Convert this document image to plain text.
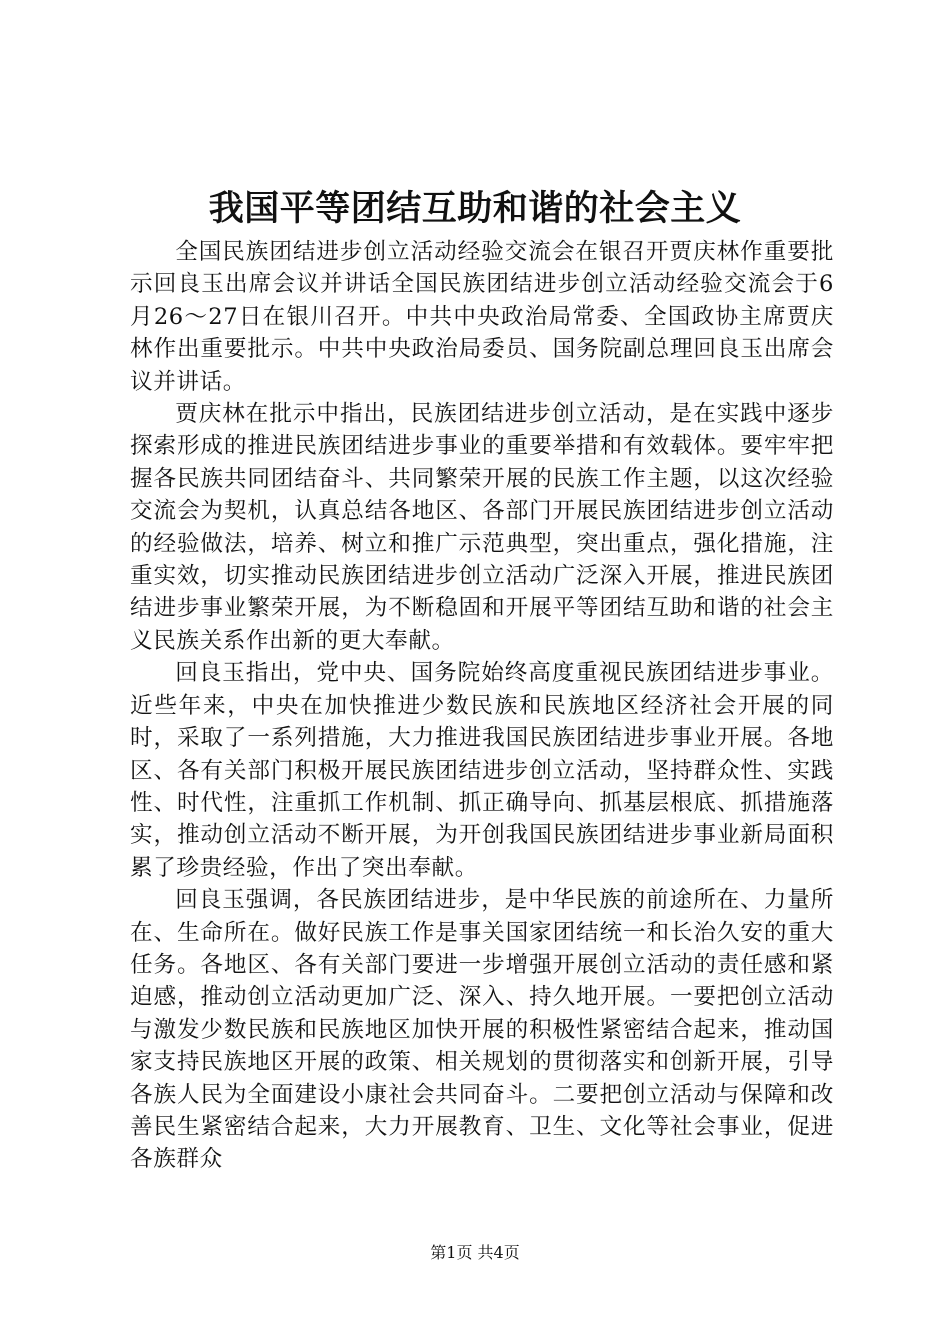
我国平等团结互助和谐的社会主义

全国民族团结进步创立活动经验交流会在银召开贾庆林作重要批示回良玉出席会议并讲话全国民族团结进步创立活动经验交流会于6月26～27日在银川召开。中共中央政治局常委、全国政协主席贾庆林作出重要批示。中共中央政治局委员、国务院副总理回良玉出席会议并讲话。

贾庆林在批示中指出，民族团结进步创立活动，是在实践中逐步探索形成的推进民族团结进步事业的重要举措和有效载体。要牢牢把握各民族共同团结奋斗、共同繁荣开展的民族工作主题，以这次经验交流会为契机，认真总结各地区、各部门开展民族团结进步创立活动的经验做法，培养、树立和推广示范典型，突出重点，强化措施，注重实效，切实推动民族团结进步创立活动广泛深入开展，推进民族团结进步事业繁荣开展，为不断稳固和开展平等团结互助和谐的社会主义民族关系作出新的更大奉献。

回良玉指出，党中央、国务院始终高度重视民族团结进步事业。近些年来，中央在加快推进少数民族和民族地区经济社会开展的同时，采取了一系列措施，大力推进我国民族团结进步事业开展。各地区、各有关部门积极开展民族团结进步创立活动，坚持群众性、实践性、时代性，注重抓工作机制、抓正确导向、抓基层根底、抓措施落实，推动创立活动不断开展，为开创我国民族团结进步事业新局面积累了珍贵经验，作出了突出奉献。

回良玉强调，各民族团结进步，是中华民族的前途所在、力量所在、生命所在。做好民族工作是事关国家团结统一和长治久安的重大任务。各地区、各有关部门要进一步增强开展创立活动的责任感和紧迫感，推动创立活动更加广泛、深入、持久地开展。一要把创立活动与激发少数民族和民族地区加快开展的积极性紧密结合起来，推动国家支持民族地区开展的政策、相关规划的贯彻落实和创新开展，引导各族人民为全面建设小康社会共同奋斗。二要把创立活动与保障和改善民生紧密结合起来，大力开展教育、卫生、文化等社会事业，促进各族群众

第1页 共4页
